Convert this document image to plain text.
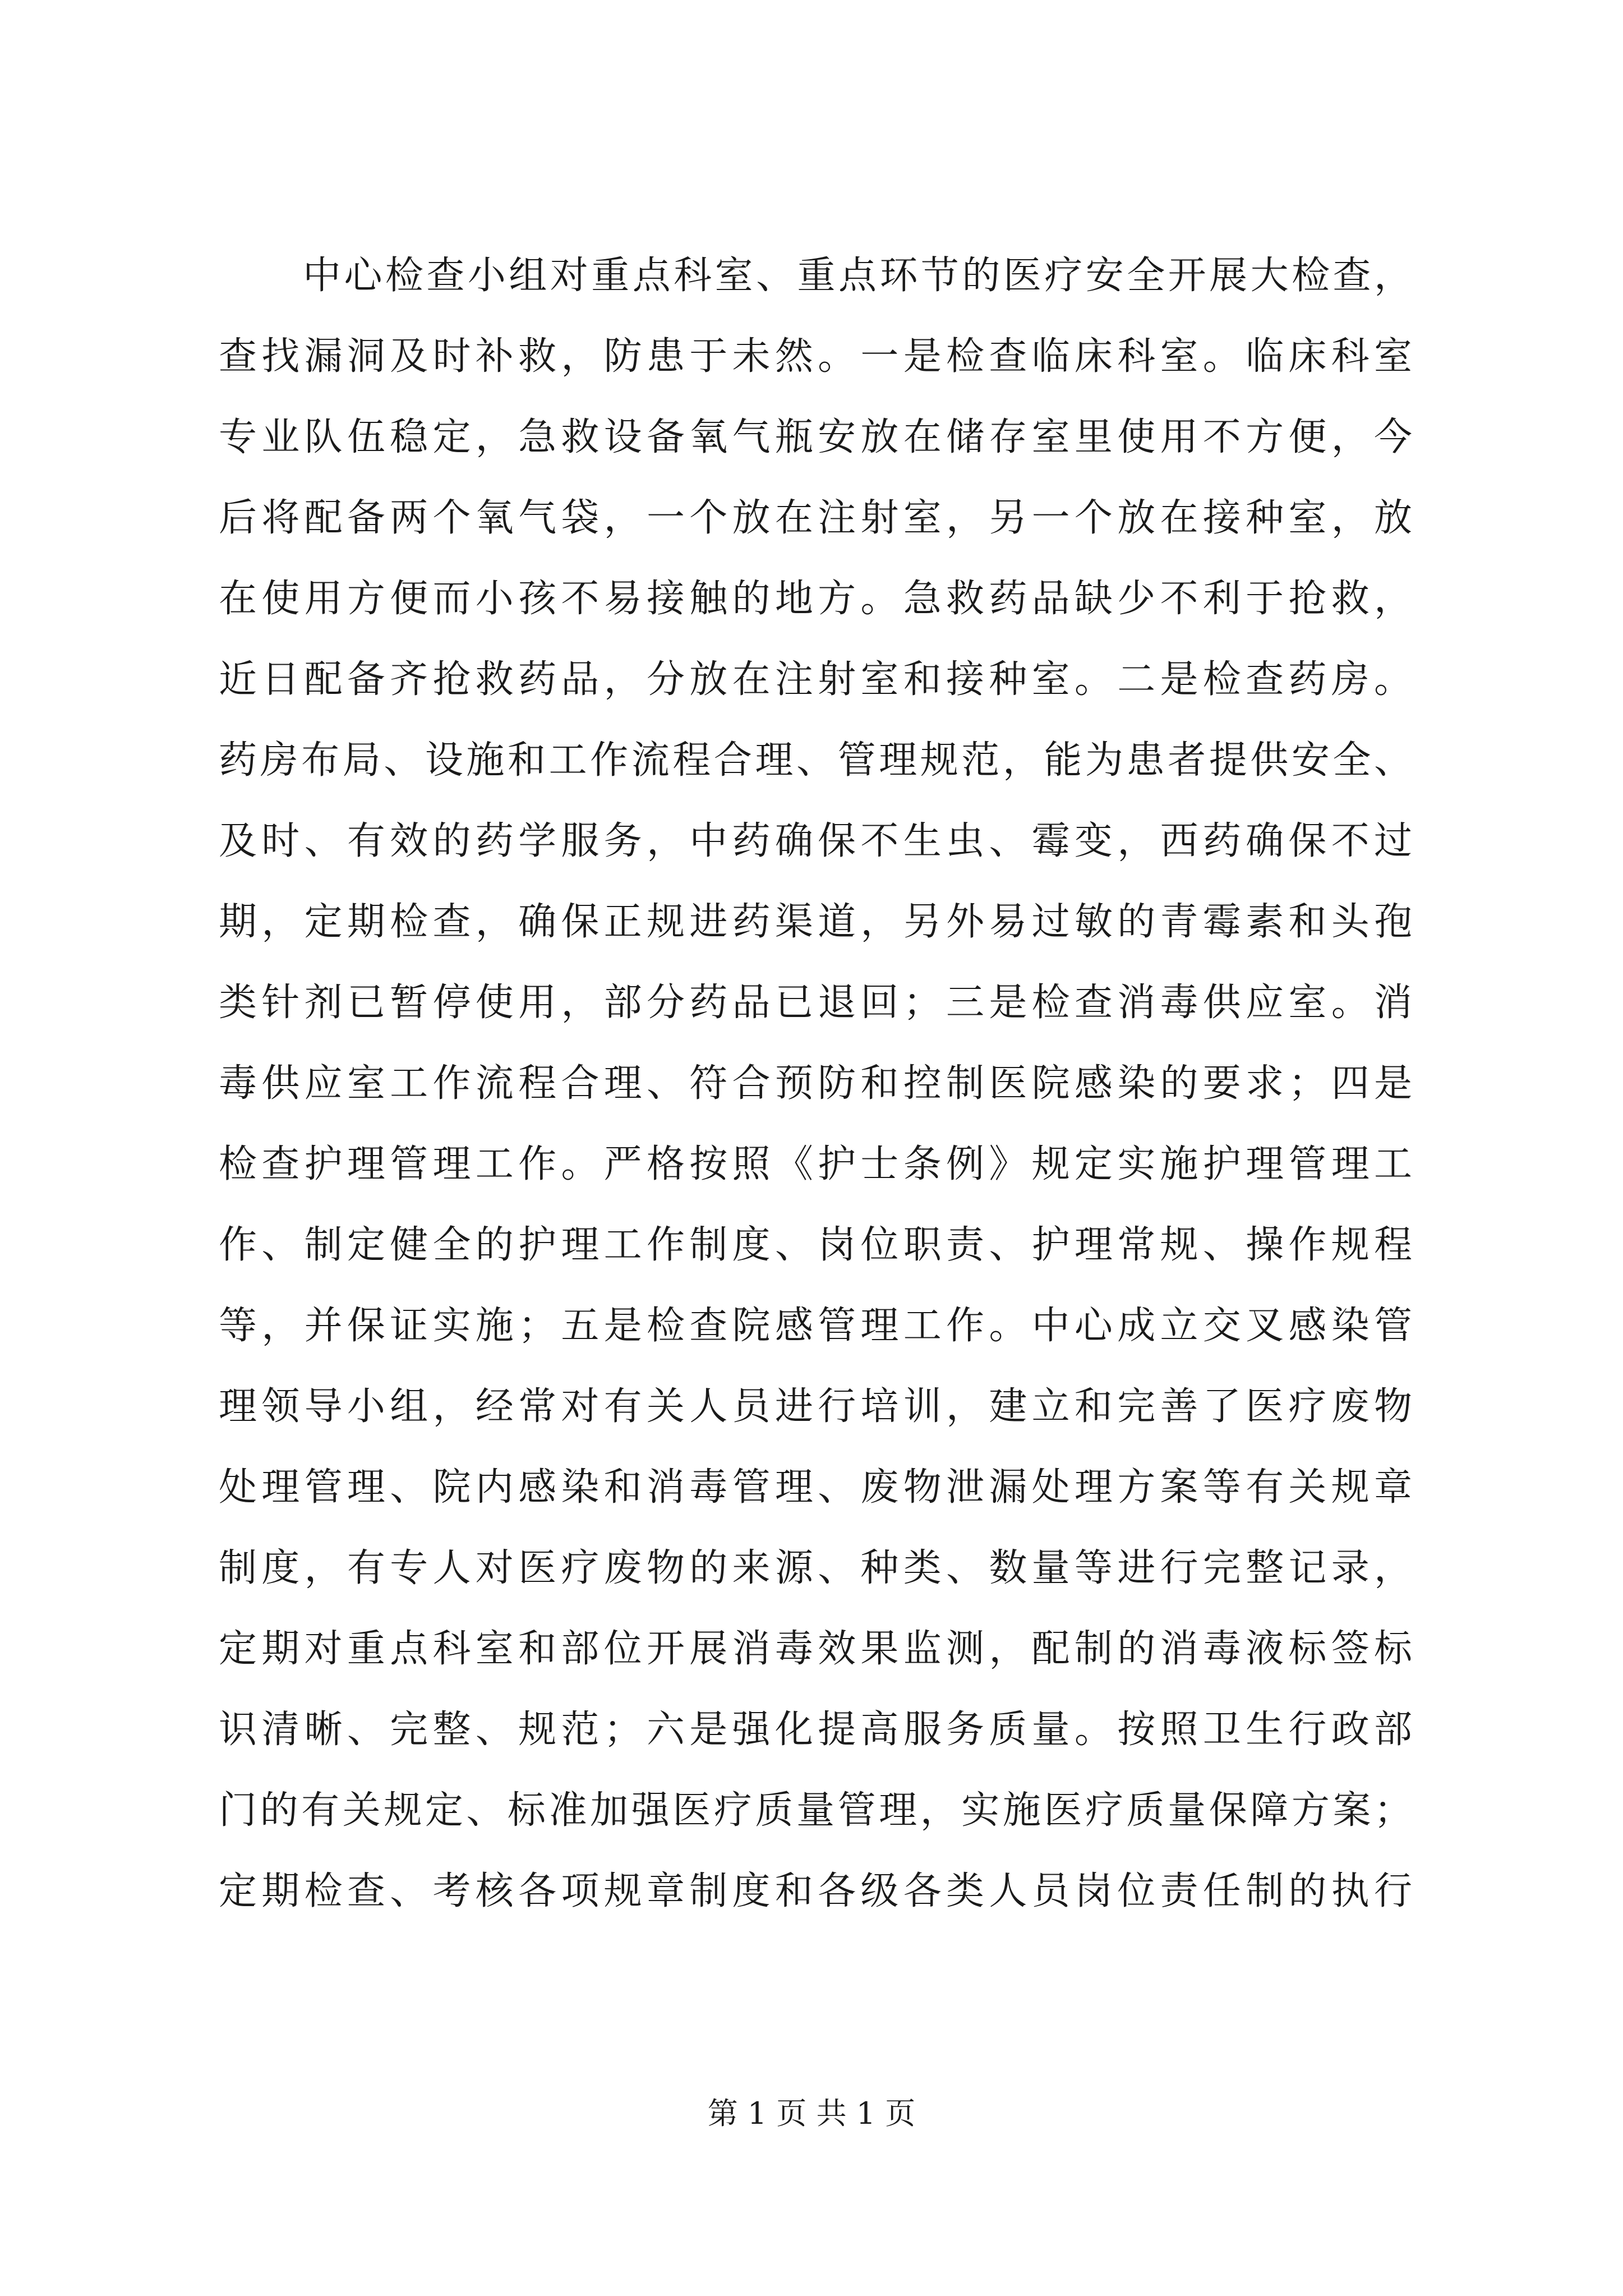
中心检查小组对重点科室、重点环节的医疗安全开展大检查，
查找漏洞及时补救，防患于未然。一是检查临床科室。临床科室
专业队伍稳定，急救设备氧气瓶安放在储存室里使用不方便，今
后将配备两个氧气袋，一个放在注射室，另一个放在接种室，放
在使用方便而小孩不易接触的地方。急救药品缺少不利于抢救，
近日配备齐抢救药品，分放在注射室和接种室。二是检查药房。
药房布局、设施和工作流程合理、管理规范，能为患者提供安全、
及时、有效的药学服务，中药确保不生虫、霉变，西药确保不过
期，定期检查，确保正规进药渠道，另外易过敏的青霉素和头孢
类针剂已暂停使用，部分药品已退回；三是检查消毒供应室。消
毒供应室工作流程合理、符合预防和控制医院感染的要求；四是
检查护理管理工作。严格按照《护士条例》规定实施护理管理工
作、制定健全的护理工作制度、岗位职责、护理常规、操作规程
等，并保证实施；五是检查院感管理工作。中心成立交叉感染管
理领导小组，经常对有关人员进行培训，建立和完善了医疗废物
处理管理、院内感染和消毒管理、废物泄漏处理方案等有关规章
制度，有专人对医疗废物的来源、种类、数量等进行完整记录，
定期对重点科室和部位开展消毒效果监测，配制的消毒液标签标
识清晰、完整、规范；六是强化提高服务质量。按照卫生行政部
门的有关规定、标准加强医疗质量管理，实施医疗质量保障方案；
定期检查、考核各项规章制度和各级各类人员岗位责任制的执行
第 1 页 共 1 页
